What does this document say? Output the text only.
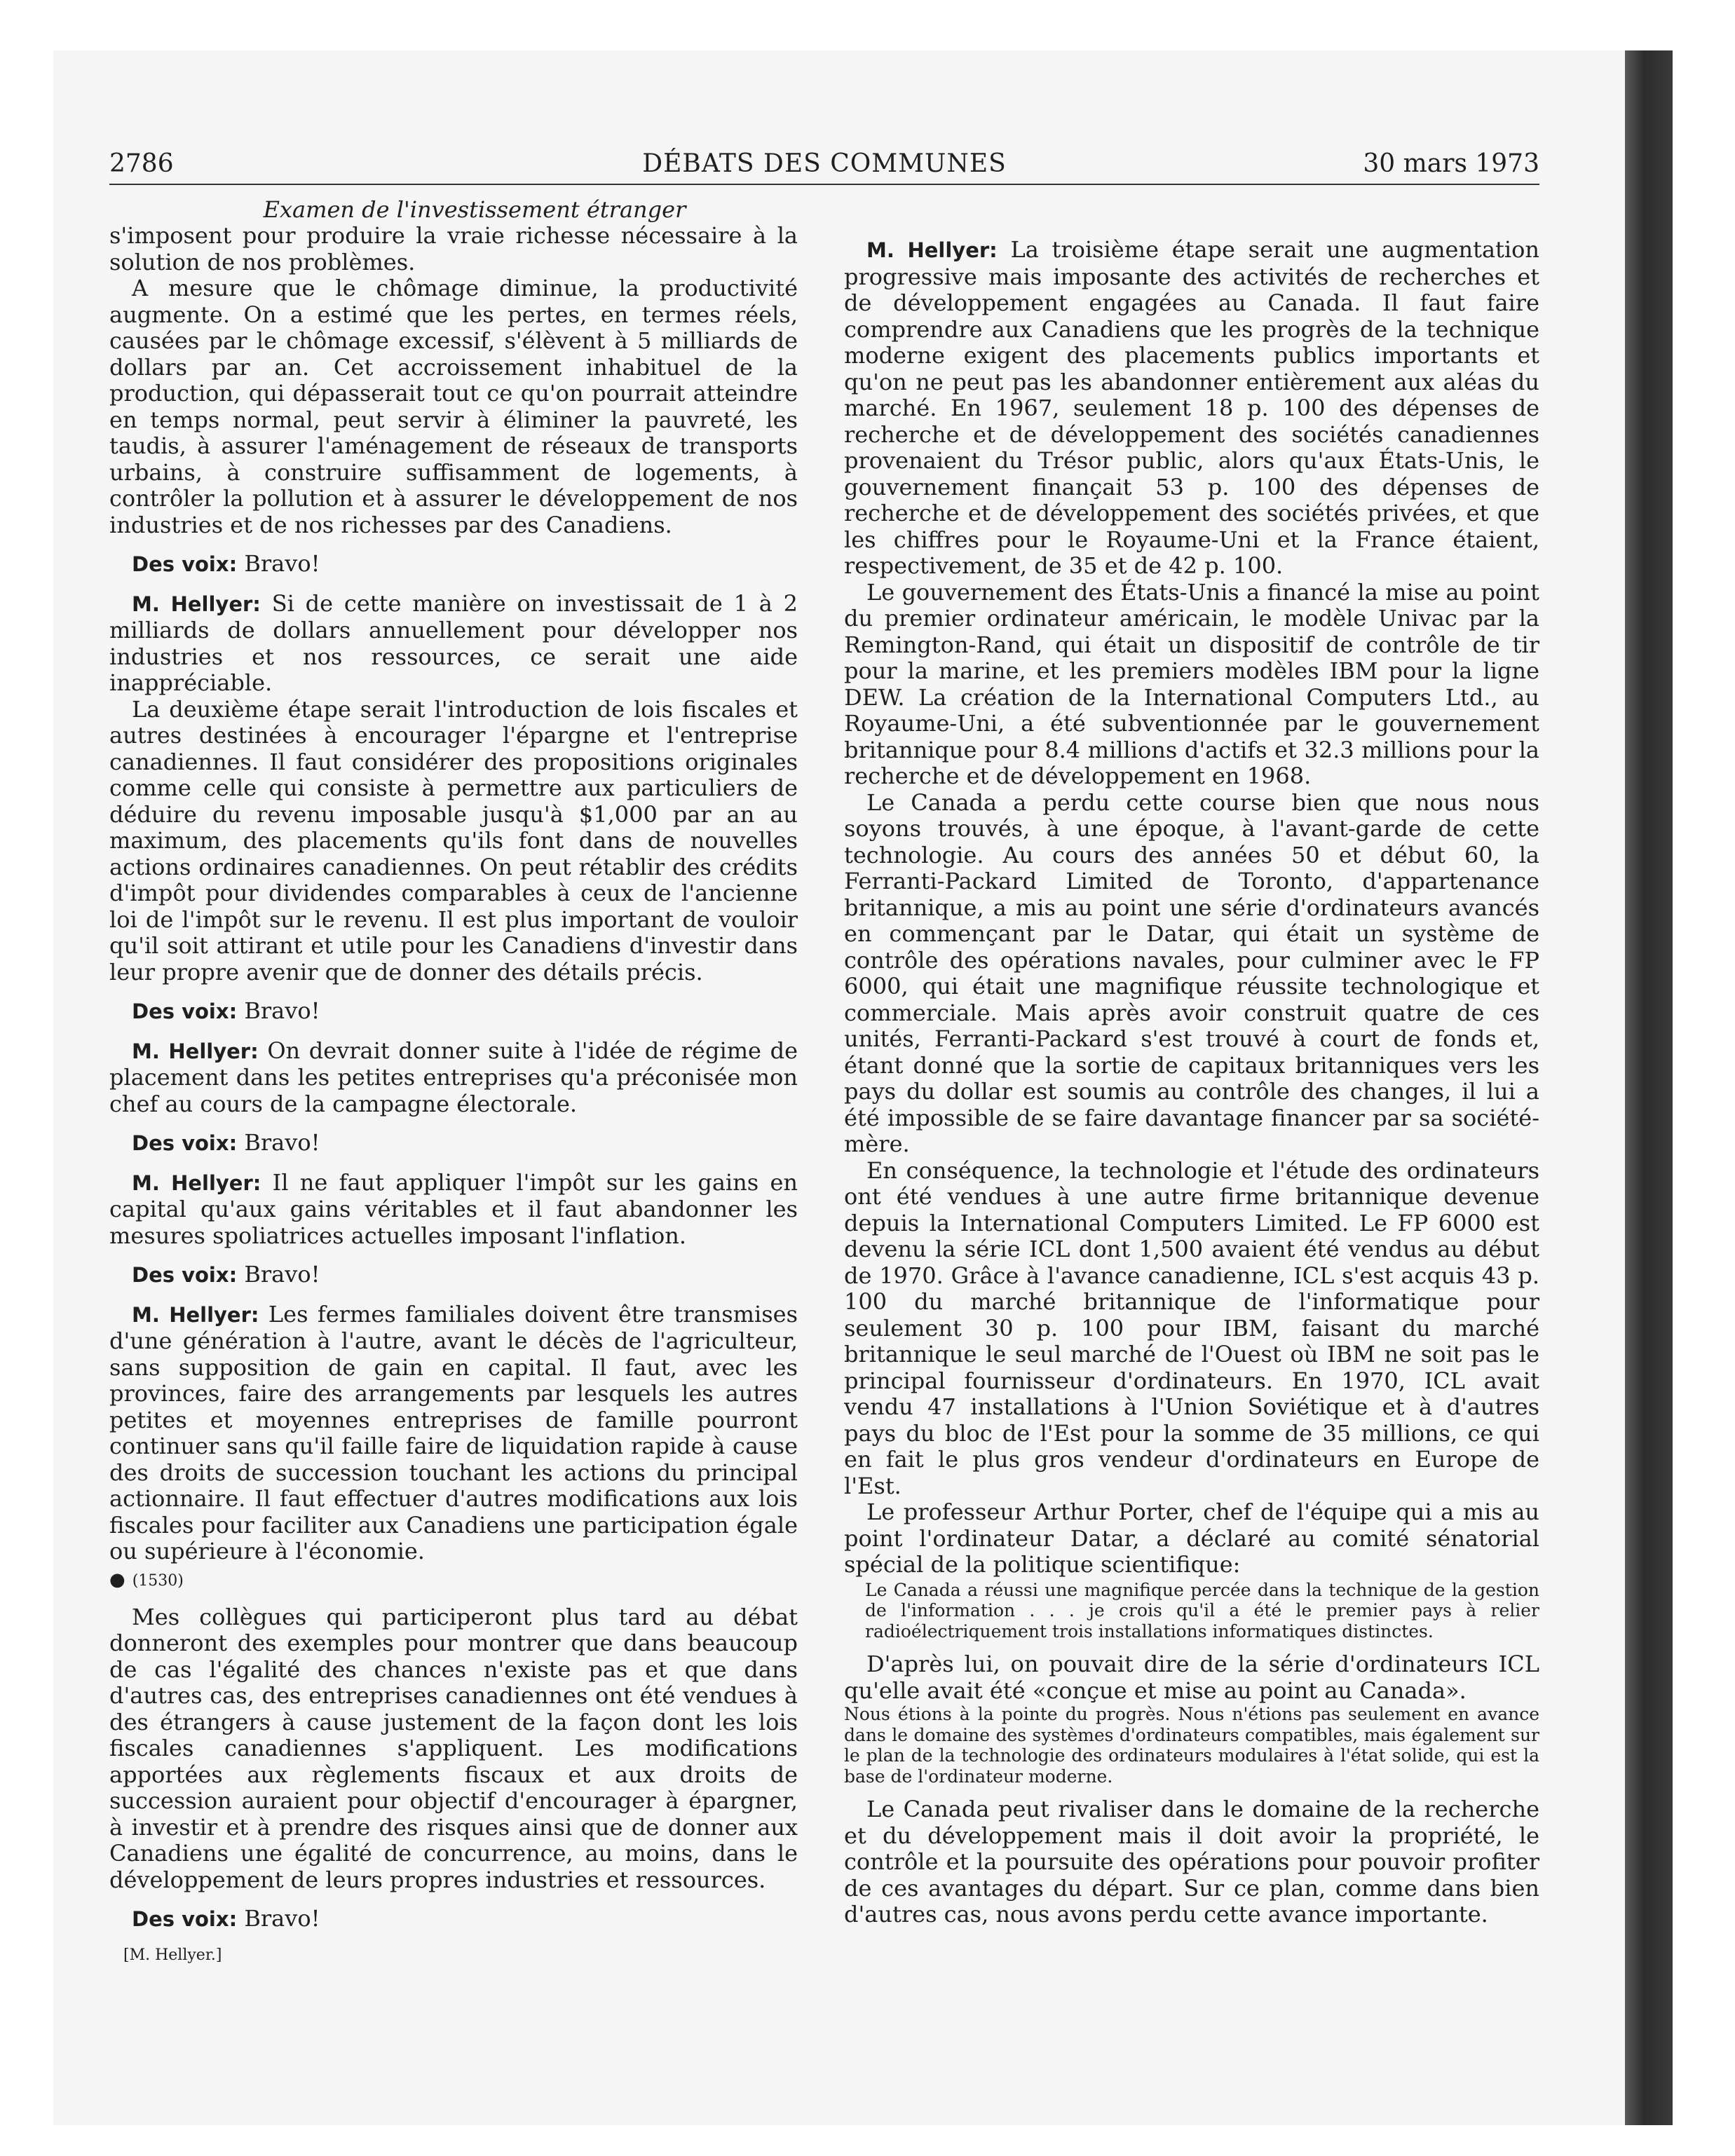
2786	DÉBATS DES COMMUNES	30 mars 1973
Examen de l'investissement étranger

s'imposent pour produire la vraie richesse nécessaire à la solution de nos problèmes.

A mesure que le chômage diminue, la productivité augmente. On a estimé que les pertes, en termes réels, causées par le chômage excessif, s'élèvent à 5 milliards de dollars par an. Cet accroissement inhabituel de la production, qui dépasserait tout ce qu'on pourrait atteindre en temps normal, peut servir à éliminer la pauvreté, les taudis, à assurer l'aménagement de réseaux de transports urbains, à construire suffisamment de logements, à contrôler la pollution et à assurer le développement de nos industries et de nos richesses par des Canadiens.

Des voix: Bravo!

M. Hellyer: Si de cette manière on investissait de 1 à 2 milliards de dollars annuellement pour développer nos industries et nos ressources, ce serait une aide inappréciable.

La deuxième étape serait l'introduction de lois fiscales et autres destinées à encourager l'épargne et l'entreprise canadiennes. Il faut considérer des propositions originales comme celle qui consiste à permettre aux particuliers de déduire du revenu imposable jusqu'à $1,000 par an au maximum, des placements qu'ils font dans de nouvelles actions ordinaires canadiennes. On peut rétablir des crédits d'impôt pour dividendes comparables à ceux de l'ancienne loi de l'impôt sur le revenu. Il est plus important de vouloir qu'il soit attirant et utile pour les Canadiens d'investir dans leur propre avenir que de donner des détails précis.

Des voix: Bravo!

M. Hellyer: On devrait donner suite à l'idée de régime de placement dans les petites entreprises qu'a préconisée mon chef au cours de la campagne électorale.

Des voix: Bravo!

M. Hellyer: Il ne faut appliquer l'impôt sur les gains en capital qu'aux gains véritables et il faut abandonner les mesures spoliatrices actuelles imposant l'inflation.

Des voix: Bravo!

M. Hellyer: Les fermes familiales doivent être transmises d'une génération à l'autre, avant le décès de l'agriculteur, sans supposition de gain en capital. Il faut, avec les provinces, faire des arrangements par lesquels les autres petites et moyennes entreprises de famille pourront continuer sans qu'il faille faire de liquidation rapide à cause des droits de succession touchant les actions du principal actionnaire. Il faut effectuer d'autres modifications aux lois fiscales pour faciliter aux Canadiens une participation égale ou supérieure à l'économie.

● (1530)

Mes collègues qui participeront plus tard au débat donneront des exemples pour montrer que dans beaucoup de cas l'égalité des chances n'existe pas et que dans d'autres cas, des entreprises canadiennes ont été vendues à des étrangers à cause justement de la façon dont les lois fiscales canadiennes s'appliquent. Les modifications apportées aux règlements fiscaux et aux droits de succession auraient pour objectif d'encourager à épargner, à investir et à prendre des risques ainsi que de donner aux Canadiens une égalité de concurrence, au moins, dans le développement de leurs propres industries et ressources.

Des voix: Bravo!

[M. Hellyer.]

M. Hellyer: La troisième étape serait une augmentation progressive mais imposante des activités de recherches et de développement engagées au Canada. Il faut faire comprendre aux Canadiens que les progrès de la technique moderne exigent des placements publics importants et qu'on ne peut pas les abandonner entièrement aux aléas du marché. En 1967, seulement 18 p. 100 des dépenses de recherche et de développement des sociétés canadiennes provenaient du Trésor public, alors qu'aux États-Unis, le gouvernement finançait 53 p. 100 des dépenses de recherche et de développement des sociétés privées, et que les chiffres pour le Royaume-Uni et la France étaient, respectivement, de 35 et de 42 p. 100.

Le gouvernement des États-Unis a financé la mise au point du premier ordinateur américain, le modèle Univac par la Remington-Rand, qui était un dispositif de contrôle de tir pour la marine, et les premiers modèles IBM pour la ligne DEW. La création de la International Computers Ltd., au Royaume-Uni, a été subventionnée par le gouvernement britannique pour 8.4 millions d'actifs et 32.3 millions pour la recherche et de développement en 1968.

Le Canada a perdu cette course bien que nous nous soyons trouvés, à une époque, à l'avant-garde de cette technologie. Au cours des années 50 et début 60, la Ferranti-Packard Limited de Toronto, d'appartenance britannique, a mis au point une série d'ordinateurs avancés en commençant par le Datar, qui était un système de contrôle des opérations navales, pour culminer avec le FP 6000, qui était une magnifique réussite technologique et commerciale. Mais après avoir construit quatre de ces unités, Ferranti-Packard s'est trouvé à court de fonds et, étant donné que la sortie de capitaux britanniques vers les pays du dollar est soumis au contrôle des changes, il lui a été impossible de se faire davantage financer par sa société-mère.

En conséquence, la technologie et l'étude des ordinateurs ont été vendues à une autre firme britannique devenue depuis la International Computers Limited. Le FP 6000 est devenu la série ICL dont 1,500 avaient été vendus au début de 1970. Grâce à l'avance canadienne, ICL s'est acquis 43 p. 100 du marché britannique de l'informatique pour seulement 30 p. 100 pour IBM, faisant du marché britannique le seul marché de l'Ouest où IBM ne soit pas le principal fournisseur d'ordinateurs. En 1970, ICL avait vendu 47 installations à l'Union Soviétique et à d'autres pays du bloc de l'Est pour la somme de 35 millions, ce qui en fait le plus gros vendeur d'ordinateurs en Europe de l'Est.

Le professeur Arthur Porter, chef de l'équipe qui a mis au point l'ordinateur Datar, a déclaré au comité sénatorial spécial de la politique scientifique:

Le Canada a réussi une magnifique percée dans la technique de la gestion de l'information . . . je crois qu'il a été le premier pays à relier radioélectriquement trois installations informatiques distinctes.

D'après lui, on pouvait dire de la série d'ordinateurs ICL qu'elle avait été «conçue et mise au point au Canada».

Nous étions à la pointe du progrès. Nous n'étions pas seulement en avance dans le domaine des systèmes d'ordinateurs compatibles, mais également sur le plan de la technologie des ordinateurs modulaires à l'état solide, qui est la base de l'ordinateur moderne.

Le Canada peut rivaliser dans le domaine de la recherche et du développement mais il doit avoir la propriété, le contrôle et la poursuite des opérations pour pouvoir profiter de ces avantages du départ. Sur ce plan, comme dans bien d'autres cas, nous avons perdu cette avance importante.
